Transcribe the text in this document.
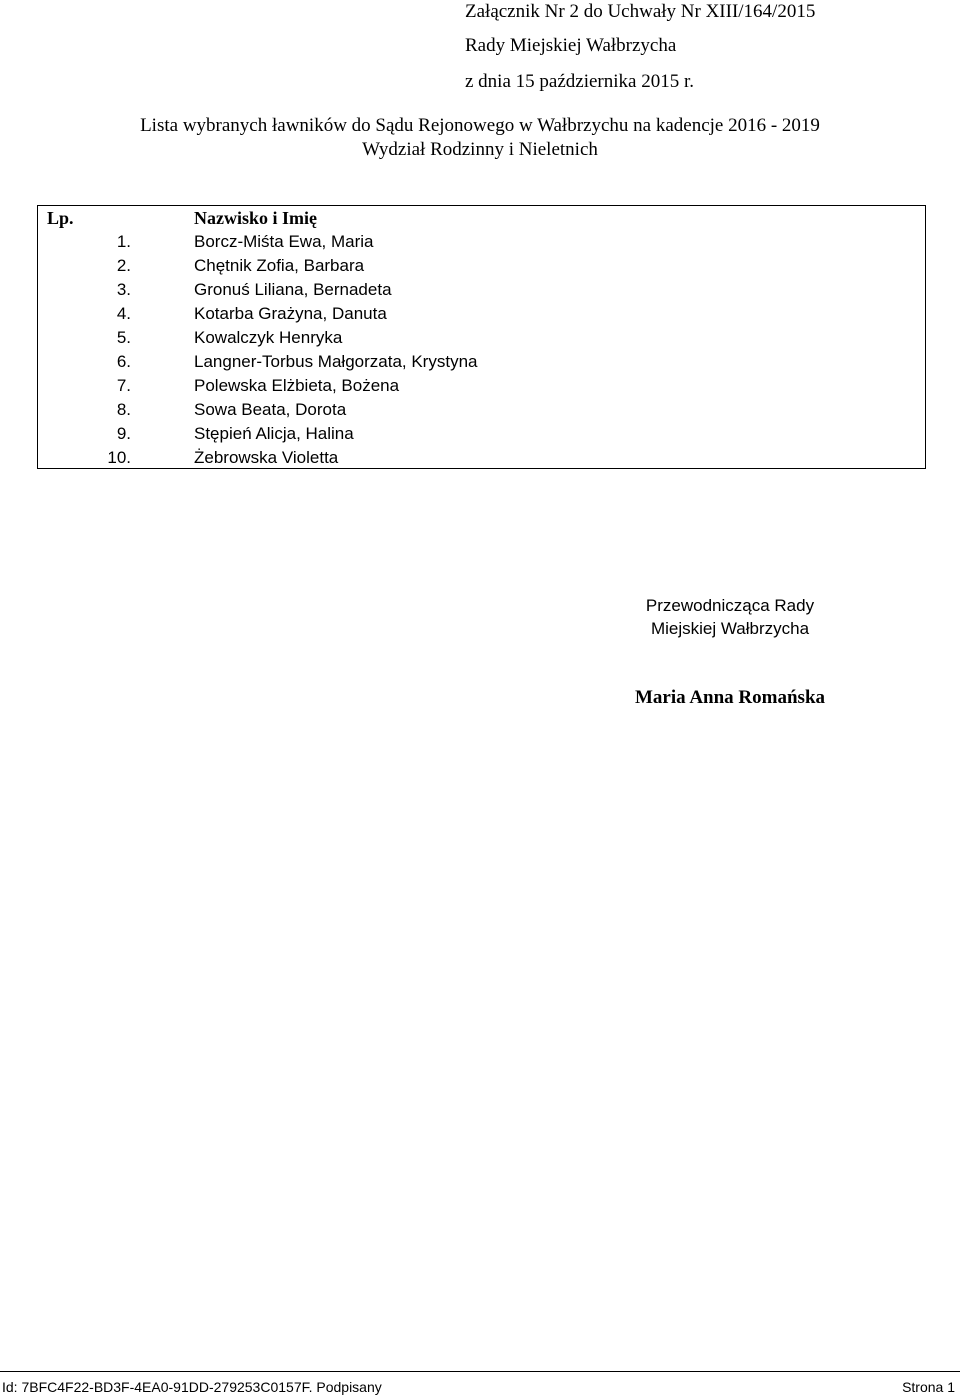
Załącznik Nr 2 do Uchwały Nr XIII/164/2015
Rady Miejskiej Wałbrzycha
z dnia 15 października 2015 r.
Lista wybranych ławników do Sądu Rejonowego w Wałbrzychu na kadencje 2016 - 2019
Wydział Rodzinny i Nieletnich
Lp.	Nazwisko i Imię
1.	Borcz-Miśta Ewa, Maria
2.	Chętnik Zofia, Barbara
3.	Gronuś Liliana, Bernadeta
4.	Kotarba Grażyna, Danuta
5.	Kowalczyk Henryka
6.	Langner-Torbus Małgorzata, Krystyna
7.	Polewska Elżbieta, Bożena
8.	Sowa Beata, Dorota
9.	Stępień Alicja, Halina
10.	Żebrowska Violetta
Przewodnicząca Rady
Miejskiej Wałbrzycha
Maria Anna Romańska
Id: 7BFC4F22-BD3F-4EA0-91DD-279253C0157F. Podpisany	Strona 1
